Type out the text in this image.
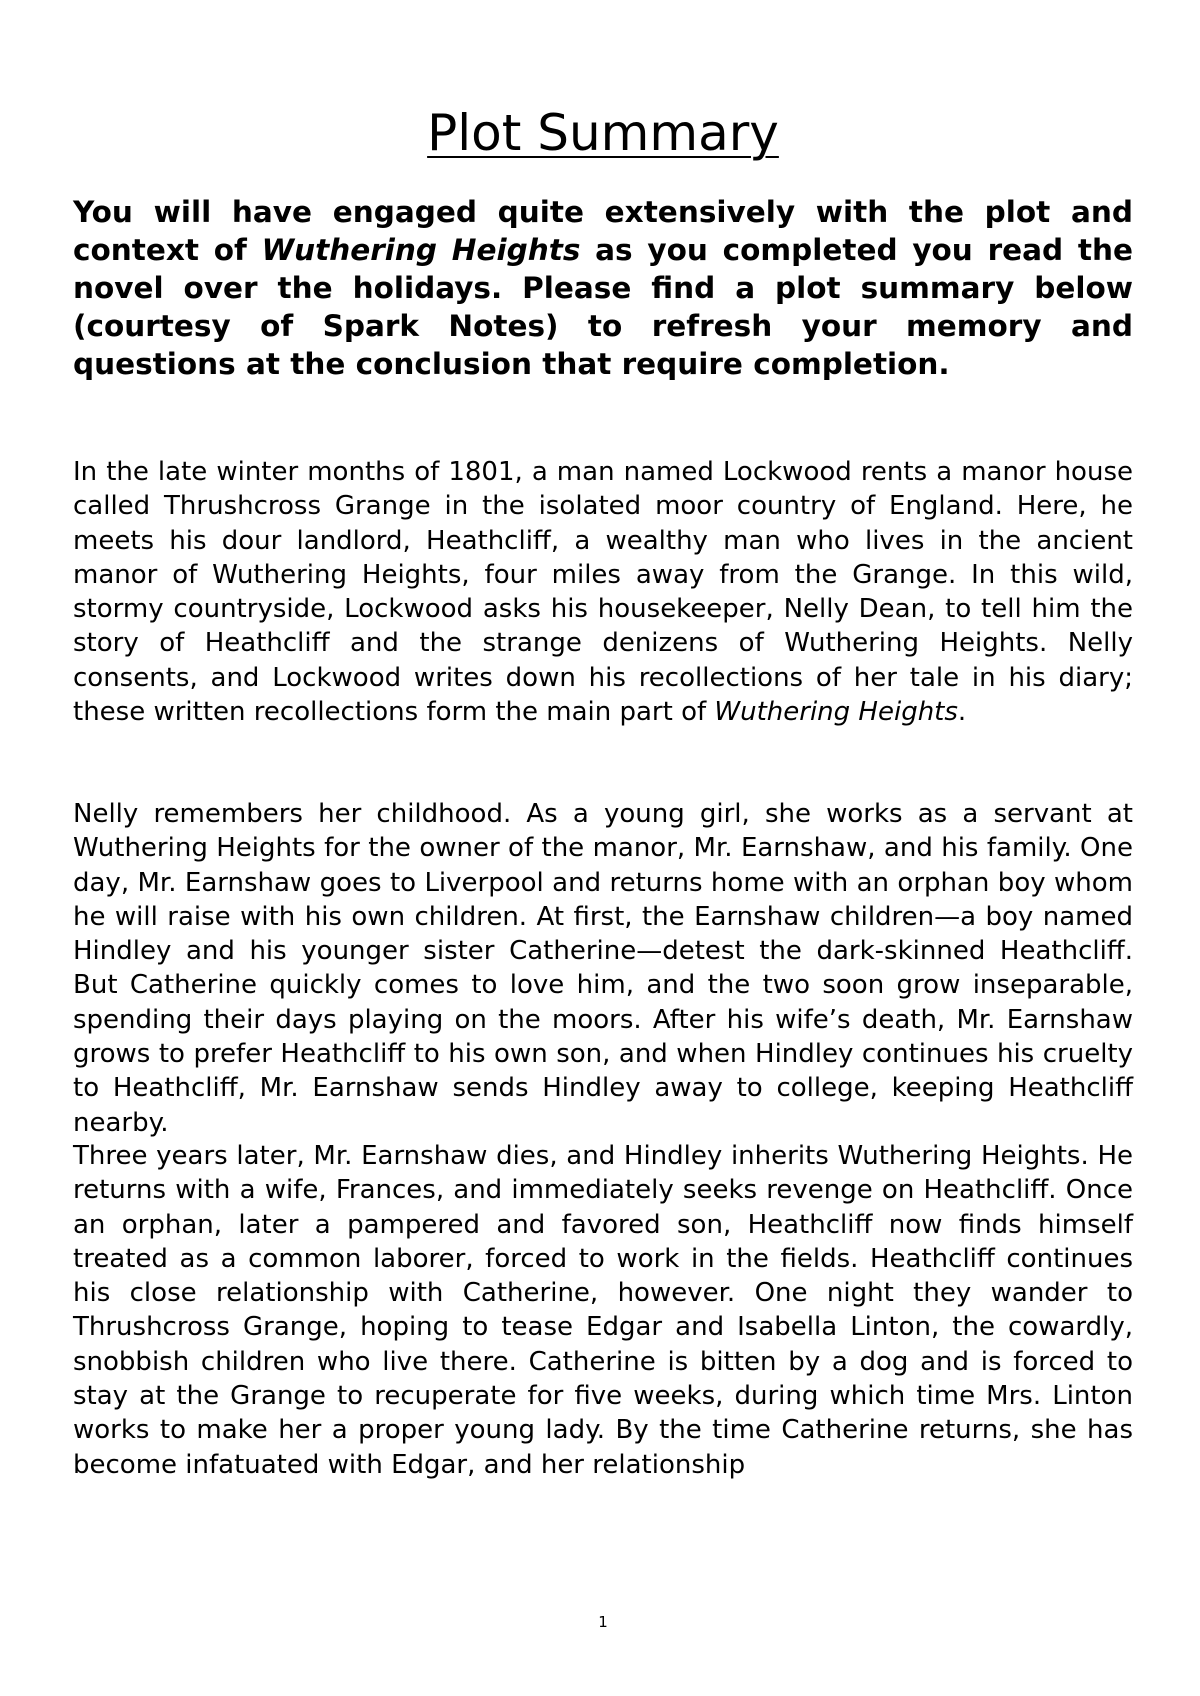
Plot Summary

You will have engaged quite extensively with the plot and context of Wuthering Heights as you completed you read the novel over the holidays. Please find a plot summary below (courtesy of Spark Notes) to refresh your memory and questions at the conclusion that require completion.

In the late winter months of 1801, a man named Lockwood rents a manor house called Thrushcross Grange in the isolated moor country of England. Here, he meets his dour landlord, Heathcliff, a wealthy man who lives in the ancient manor of Wuthering Heights, four miles away from the Grange. In this wild, stormy countryside, Lockwood asks his housekeeper, Nelly Dean, to tell him the story of Heathcliff and the strange denizens of Wuthering Heights. Nelly consents, and Lockwood writes down his recollections of her tale in his diary; these written recollections form the main part of Wuthering Heights.

Nelly remembers her childhood. As a young girl, she works as a servant at Wuthering Heights for the owner of the manor, Mr. Earnshaw, and his family. One day, Mr. Earnshaw goes to Liverpool and returns home with an orphan boy whom he will raise with his own children. At first, the Earnshaw children—a boy named Hindley and his younger sister Catherine—detest the dark-skinned Heathcliff. But Catherine quickly comes to love him, and the two soon grow inseparable, spending their days playing on the moors. After his wife’s death, Mr. Earnshaw grows to prefer Heathcliff to his own son, and when Hindley continues his cruelty to Heathcliff, Mr. Earnshaw sends Hindley away to college, keeping Heathcliff nearby.

Three years later, Mr. Earnshaw dies, and Hindley inherits Wuthering Heights. He returns with a wife, Frances, and immediately seeks revenge on Heathcliff. Once an orphan, later a pampered and favored son, Heathcliff now finds himself treated as a common laborer, forced to work in the fields. Heathcliff continues his close relationship with Catherine, however. One night they wander to Thrushcross Grange, hoping to tease Edgar and Isabella Linton, the cowardly, snobbish children who live there. Catherine is bitten by a dog and is forced to stay at the Grange to recuperate for five weeks, during which time Mrs. Linton works to make her a proper young lady. By the time Catherine returns, she has become infatuated with Edgar, and her relationship

1
